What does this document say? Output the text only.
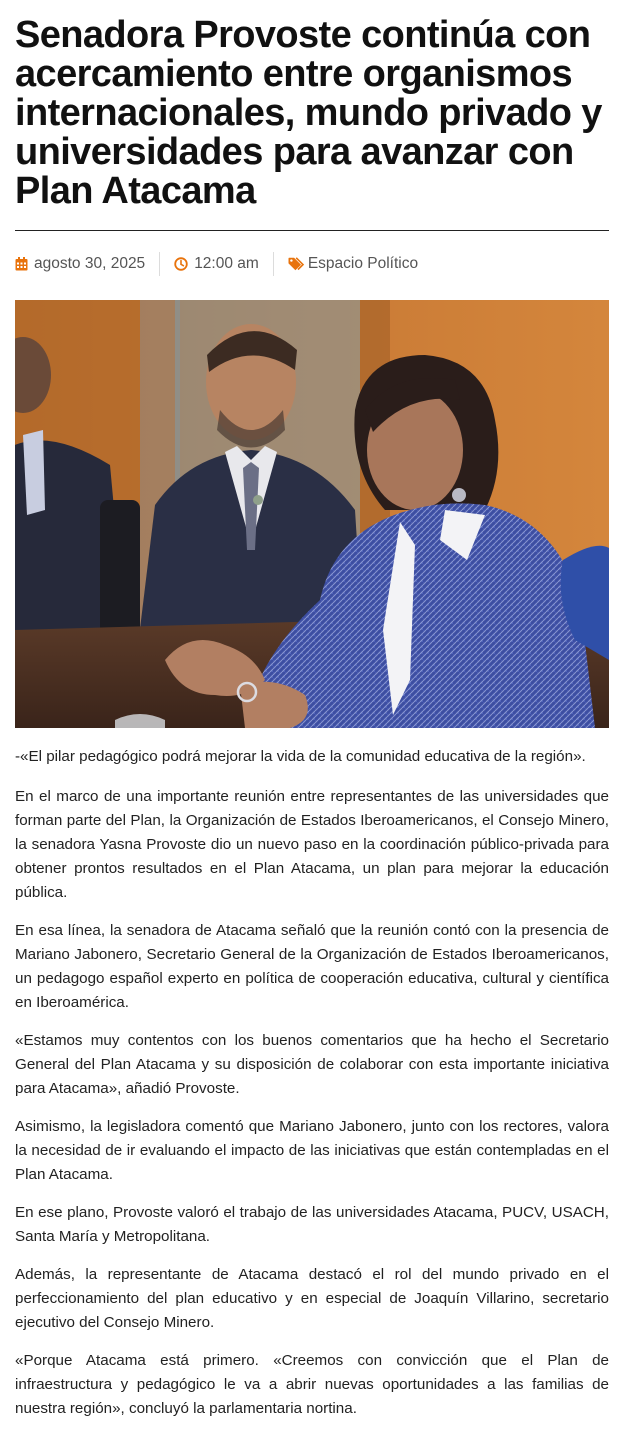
Senadora Provoste continúa con acercamiento entre organismos internacionales, mundo privado y universidades para avanzar con Plan Atacama
agosto 30, 2025	12:00 am	Espacio Político
-«El pilar pedagógico podrá mejorar la vida de la comunidad educativa de la región».

En el marco de una importante reunión entre representantes de las universidades que forman parte del Plan, la Organización de Estados Iberoamericanos, el Consejo Minero, la senadora Yasna Provoste dio un nuevo paso en la coordinación público-privada para obtener prontos resultados en el Plan Atacama, un plan para mejorar la educación pública.

En esa línea, la senadora de Atacama señaló que la reunión contó con la presencia de Mariano Jabonero, Secretario General de la Organización de Estados Iberoamericanos, un pedagogo español experto en política de cooperación educativa, cultural y científica en Iberoamérica.

«Estamos muy contentos con los buenos comentarios que ha hecho el Secretario General del Plan Atacama y su disposición de colaborar con esta importante iniciativa para Atacama», añadió Provoste.

Asimismo, la legisladora comentó que Mariano Jabonero, junto con los rectores, valora la necesidad de ir evaluando el impacto de las iniciativas que están contempladas en el Plan Atacama.

En ese plano, Provoste valoró el trabajo de las universidades Atacama, PUCV, USACH, Santa María y Metropolitana.

Además, la representante de Atacama destacó el rol del mundo privado en el perfeccionamiento del plan educativo y en especial de Joaquín Villarino, secretario ejecutivo del Consejo Minero.

«Porque Atacama está primero. «Creemos con convicción que el Plan de infraestructura y pedagógico le va a abrir nuevas oportunidades a las familias de nuestra región», concluyó la parlamentaria nortina.
